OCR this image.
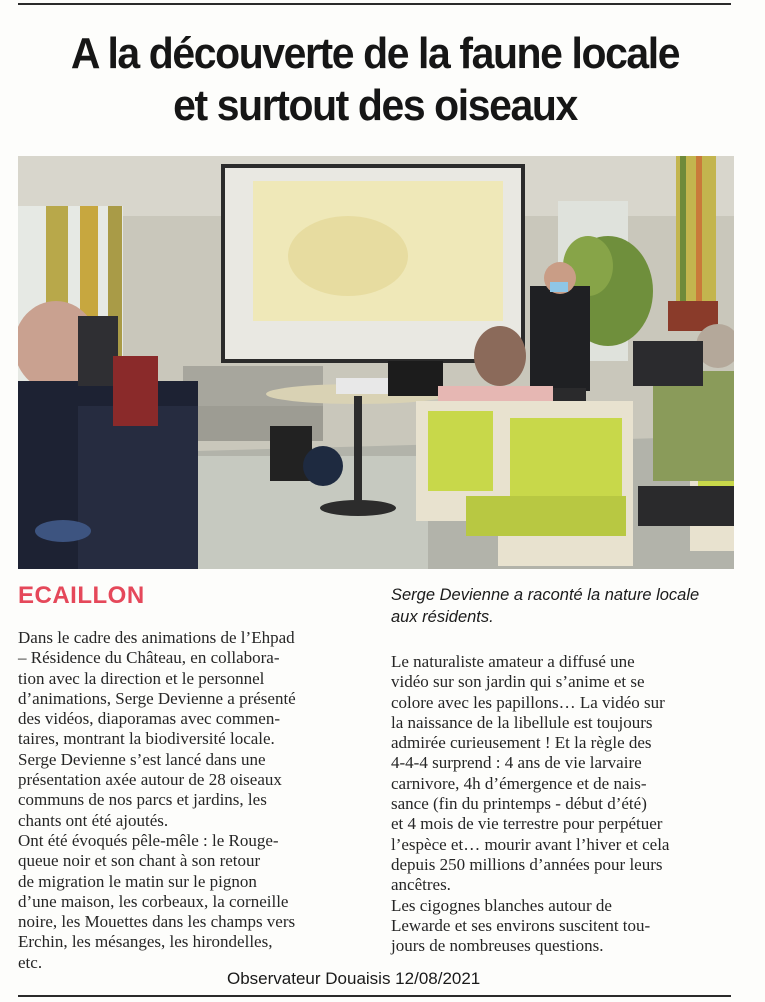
A la découverte de la faune locale
et surtout des oiseaux
ECAILLON	Serge Devienne a raconté la nature locale aux résidents.

Dans le cadre des animations de l’Ehpad
– Résidence du Château, en collabora-
tion avec la direction et le personnel
d’animations, Serge Devienne a présenté
des vidéos, diaporamas avec commen-
taires, montrant la biodiversité locale.
Serge Devienne s’est lancé dans une
présentation axée autour de 28 oiseaux
communs de nos parcs et jardins, les
chants ont été ajoutés.

Ont été évoqués pêle-mêle : le Rouge-
queue noir et son chant à son retour
de migration le matin sur le pignon
d’une maison, les corbeaux, la corneille
noire, les Mouettes dans les champs vers
Erchin, les mésanges, les hirondelles,
etc.

Le naturaliste amateur a diffusé une
vidéo sur son jardin qui s’anime et se
colore avec les papillons… La vidéo sur
la naissance de la libellule est toujours
admirée curieusement ! Et la règle des
4-4-4 surprend : 4 ans de vie larvaire
carnivore, 4h d’émergence et de nais-
sance (fin du printemps - début d’été)
et 4 mois de vie terrestre pour perpétuer
l’espèce et… mourir avant l’hiver et cela
depuis 250 millions d’années pour leurs
ancêtres.

Les cigognes blanches autour de
Lewarde et ses environs suscitent tou-
jours de nombreuses questions.

Observateur Douaisis 12/08/2021
